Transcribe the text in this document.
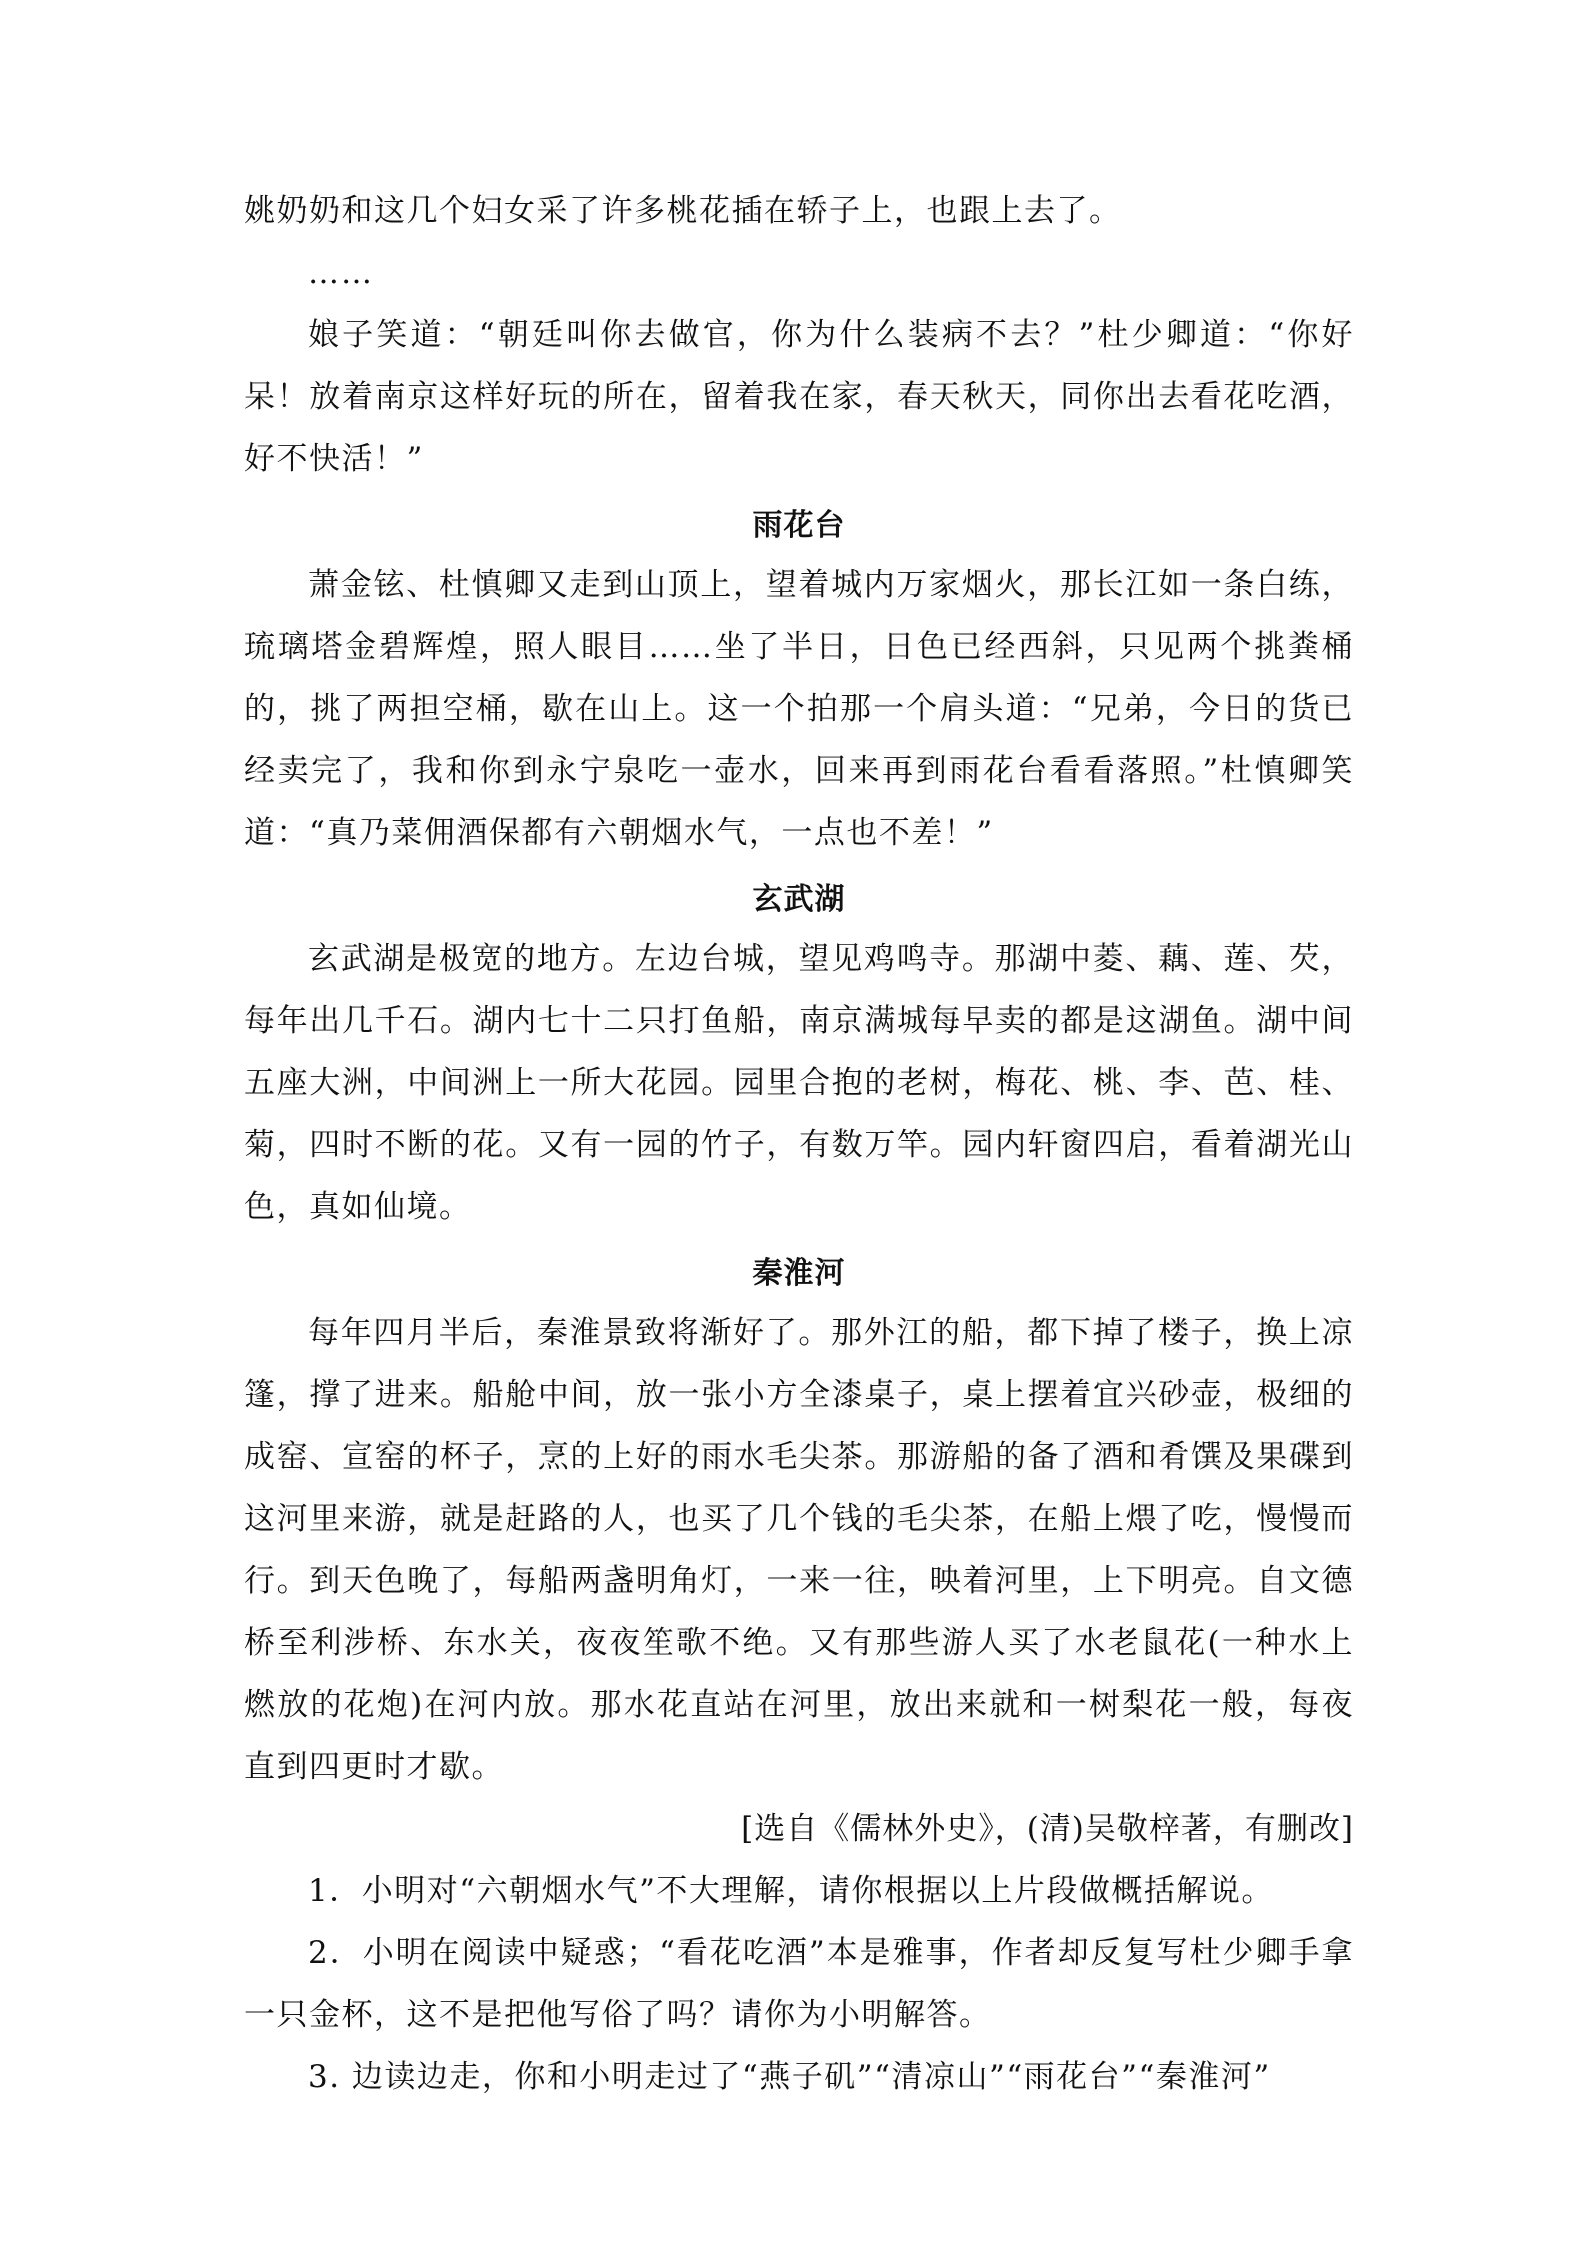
姚奶奶和这几个妇女采了许多桃花插在轿子上，也跟上去了。

……

娘子笑道：“朝廷叫你去做官，你为什么装病不去？”杜少卿道：“你好呆！放着南京这样好玩的所在，留着我在家，春天秋天，同你出去看花吃酒，好不快活！”

雨花台

萧金铉、杜慎卿又走到山顶上，望着城内万家烟火，那长江如一条白练，琉璃塔金碧辉煌，照人眼目……坐了半日，日色已经西斜，只见两个挑粪桶的，挑了两担空桶，歇在山上。这一个拍那一个肩头道：“兄弟，今日的货已经卖完了，我和你到永宁泉吃一壶水，回来再到雨花台看看落照。”杜慎卿笑道：“真乃菜佣酒保都有六朝烟水气，一点也不差！”

玄武湖

玄武湖是极宽的地方。左边台城，望见鸡鸣寺。那湖中菱、藕、莲、芡，每年出几千石。湖内七十二只打鱼船，南京满城每早卖的都是这湖鱼。湖中间五座大洲，中间洲上一所大花园。园里合抱的老树，梅花、桃、李、芭、桂、菊，四时不断的花。又有一园的竹子，有数万竿。园内轩窗四启，看着湖光山色，真如仙境。

秦淮河

每年四月半后，秦淮景致将渐好了。那外江的船，都下掉了楼子，换上凉篷，撑了进来。船舱中间，放一张小方全漆桌子，桌上摆着宜兴砂壶，极细的成窑、宣窑的杯子，烹的上好的雨水毛尖茶。那游船的备了酒和肴馔及果碟到这河里来游，就是赶路的人，也买了几个钱的毛尖茶，在船上煨了吃，慢慢而行。到天色晚了，每船两盏明角灯，一来一往，映着河里，上下明亮。自文德桥至利涉桥、东水关，夜夜笙歌不绝。又有那些游人买了水老鼠花(一种水上燃放的花炮)在河内放。那水花直站在河里，放出来就和一树梨花一般，每夜直到四更时才歇。

[选自《儒林外史》，(清)吴敬梓著，有删改]

1．小明对“六朝烟水气”不大理解，请你根据以上片段做概括解说。

2．小明在阅读中疑惑；“看花吃酒”本是雅事，作者却反复写杜少卿手拿一只金杯，这不是把他写俗了吗？请你为小明解答。

3. 边读边走，你和小明走过了“燕子矶”“清凉山”“雨花台”“秦淮河”
